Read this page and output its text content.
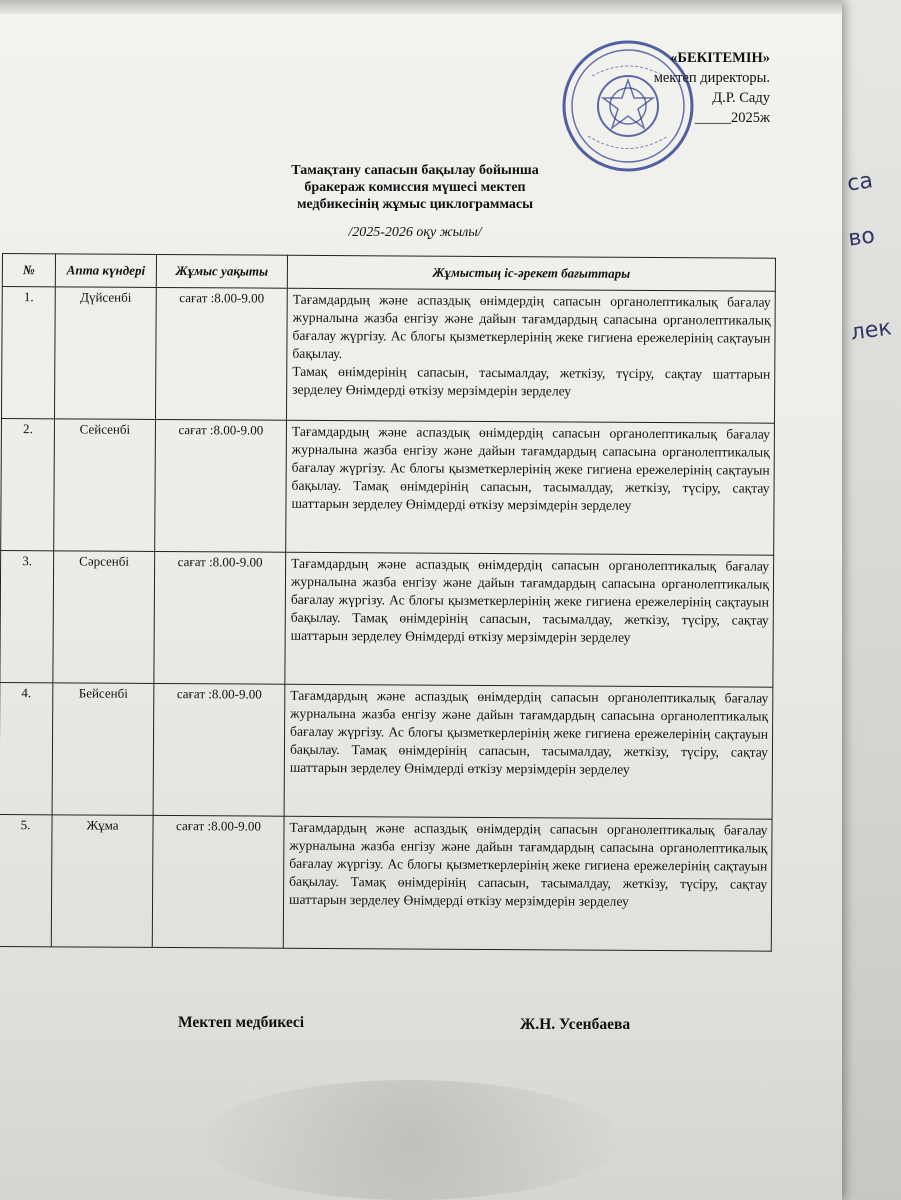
са
во
лек
«БЕКІТЕМІН»
мектеп директоры.
Д.Р. Саду
_____2025ж
Тамақтану сапасын бақылау бойынша
бракераж комиссия мүшесі мектеп
медбикесінің жұмыс циклограммасы
/2025-2026 оқу жылы/
№	Апта күндері	Жұмыс уақыты	Жұмыстың іс-әрекет бағыттары
1.	Дүйсенбі	сағат :8.00-9.00	Тағамдардың және аспаздық өнімдердің сапасын органолептикалық бағалау журналына жазба енгізу және дайын тағамдардың сапасына органолептикалық бағалау жүргізу. Ас блогы қызметкерлерінің жеке гигиена ережелерінің сақтауын бақылау.
Тамақ өнімдерінің сапасын, тасымалдау, жеткізу, түсіру, сақтау шаттарын зерделеу Өнімдерді өткізу мерзімдерін зерделеу

2.	Сейсенбі	сағат :8.00-9.00	Тағамдардың және аспаздық өнімдердің сапасын органолептикалық бағалау журналына жазба енгізу және дайын тағамдардың сапасына органолептикалық бағалау жүргізу. Ас блогы қызметкерлерінің жеке гигиена ережелерінің сақтауын бақылау. Тамақ өнімдерінің сапасын, тасымалдау, жеткізу, түсіру, сақтау шаттарын зерделеу Өнімдерді өткізу мерзімдерін зерделеу
3.	Сәрсенбі	сағат :8.00-9.00	Тағамдардың және аспаздық өнімдердің сапасын органолептикалық бағалау журналына жазба енгізу және дайын тағамдардың сапасына органолептикалық бағалау жүргізу. Ас блогы қызметкерлерінің жеке гигиена ережелерінің сақтауын бақылау. Тамақ өнімдерінің сапасын, тасымалдау, жеткізу, түсіру, сақтау шаттарын зерделеу Өнімдерді өткізу мерзімдерін зерделеу
4.	Бейсенбі	сағат :8.00-9.00	Тағамдардың және аспаздық өнімдердің сапасын органолептикалық бағалау журналына жазба енгізу және дайын тағамдардың сапасына органолептикалық бағалау жүргізу. Ас блогы қызметкерлерінің жеке гигиена ережелерінің сақтауын бақылау. Тамақ өнімдерінің сапасын, тасымалдау, жеткізу, түсіру, сақтау шаттарын зерделеу Өнімдерді өткізу мерзімдерін зерделеу
5.	Жұма	сағат :8.00-9.00	Тағамдардың және аспаздық өнімдердің сапасын органолептикалық бағалау журналына жазба енгізу және дайын тағамдардың сапасына органолептикалық бағалау жүргізу. Ас блогы қызметкерлерінің жеке гигиена ережелерінің сақтауын бақылау. Тамақ өнімдерінің сапасын, тасымалдау, жеткізу, түсіру, сақтау шаттарын зерделеу Өнімдерді өткізу мерзімдерін зерделеу
Мектеп медбикесі	Ж.Н. Усенбаева
